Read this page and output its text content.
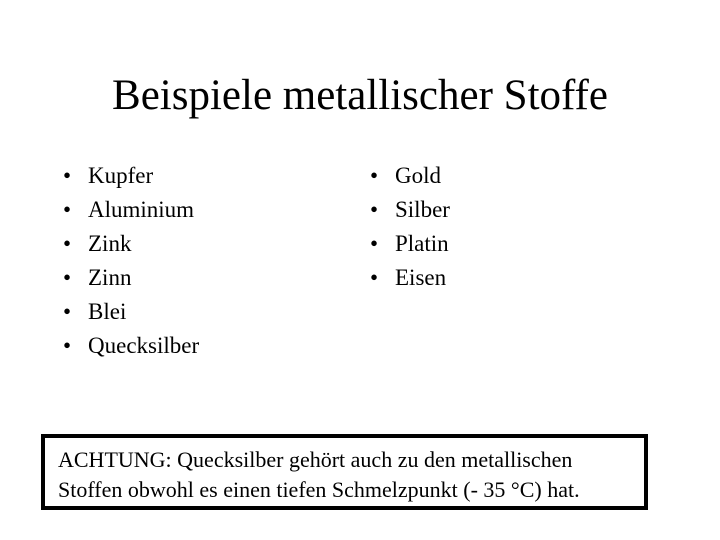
Beispiele metallischer Stoffe
• Kupfer
• Aluminium
• Zink
• Zinn
• Blei
• Quecksilber
• Gold
• Silber
• Platin
• Eisen
ACHTUNG: Quecksilber gehört auch zu den metallischen
Stoffen obwohl es einen tiefen Schmelzpunkt (- 35 °C) hat.
